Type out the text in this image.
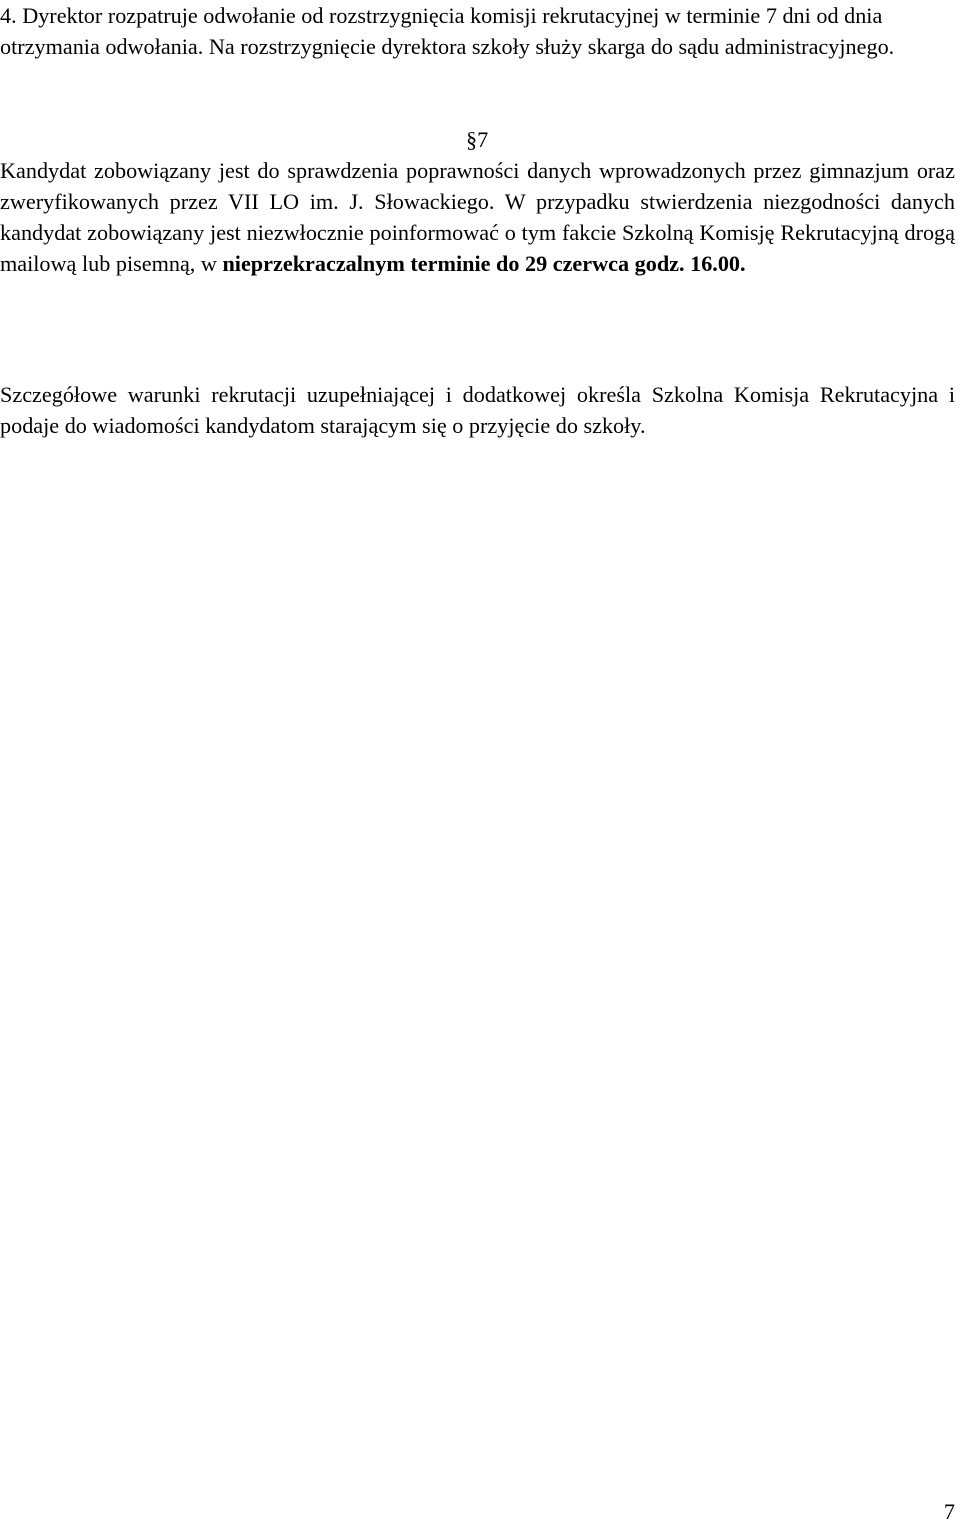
4. Dyrektor rozpatruje odwołanie od rozstrzygnięcia komisji rekrutacyjnej w terminie 7 dni od dnia otrzymania odwołania. Na rozstrzygnięcie dyrektora szkoły służy skarga do sądu administracyjnego.

§7

Kandydat zobowiązany jest do sprawdzenia poprawności danych wprowadzonych przez gimnazjum oraz zweryfikowanych przez VII LO im. J. Słowackiego. W przypadku stwierdzenia niezgodności danych kandydat zobowiązany jest niezwłocznie poinformować o tym fakcie Szkolną Komisję Rekrutacyjną drogą mailową lub pisemną, w nieprzekraczalnym terminie do 29 czerwca godz. 16.00.

Szczegółowe warunki rekrutacji uzupełniającej i dodatkowej określa Szkolna Komisja Rekrutacyjna i podaje do wiadomości kandydatom starającym się o przyjęcie do szkoły.

7
